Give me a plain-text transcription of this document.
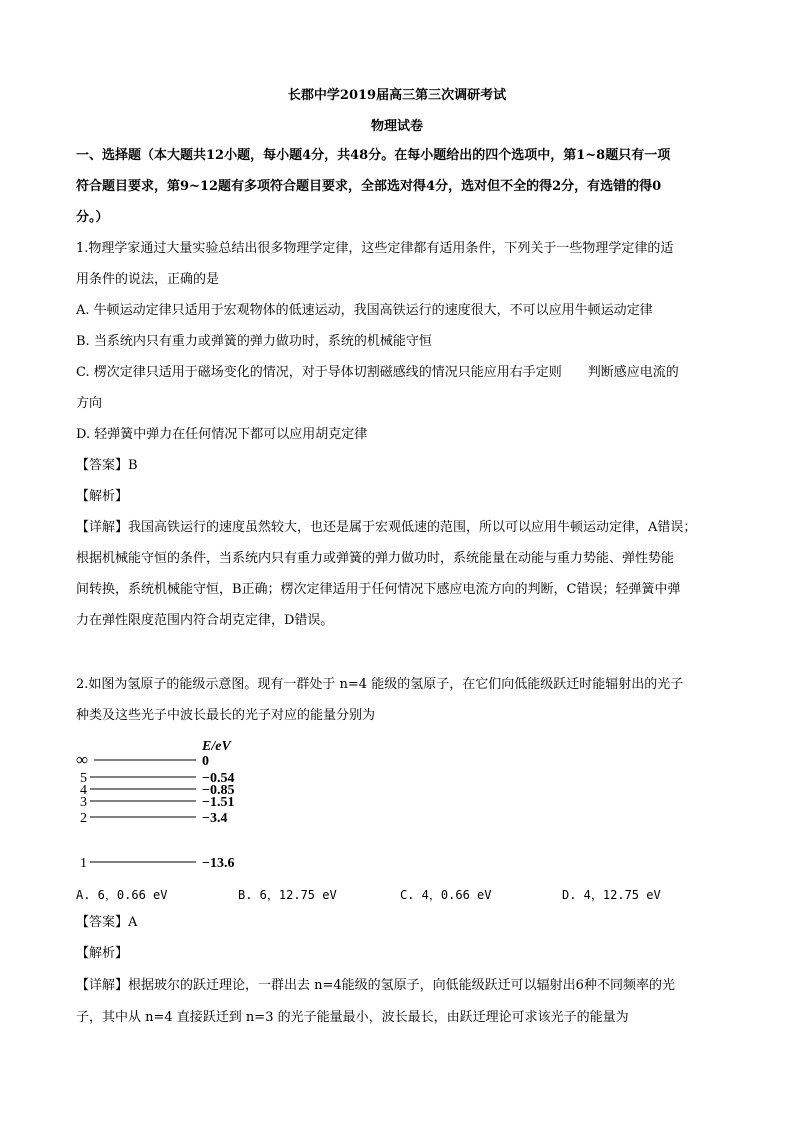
长郡中学2019届高三第三次调研考试
物理试卷
一、选择题（本大题共12小题，每小题4分，共48分。在每小题给出的四个选项中，第1~8题只有一项
符合题目要求，第9~12题有多项符合题目要求，全部选对得4分，选对但不全的得2分，有选错的得0
分。）
1.物理学家通过大量实验总结出很多物理学定律，这些定律都有适用条件，下列关于一些物理学定律的适
用条件的说法，正确的是
A. 牛顿运动定律只适用于宏观物体的低速运动，我国高铁运行的速度很大，不可以应用牛顿运动定律
B. 当系统内只有重力或弹簧的弹力做功时，系统的机械能守恒
C. 楞次定律只适用于磁场变化的情况，对于导体切割磁感线的情况只能应用右手定则　　判断感应电流的
方向
D. 轻弹簧中弹力在任何情况下都可以应用胡克定律
【答案】B
【解析】
【详解】我国高铁运行的速度虽然较大，也还是属于宏观低速的范围，所以可以应用牛顿运动定律，A错误；
根据机械能守恒的条件，当系统内只有重力或弹簧的弹力做功时，系统能量在动能与重力势能、弹性势能
间转换，系统机械能守恒，B正确；楞次定律适用于任何情况下感应电流方向的判断，C错误；轻弹簧中弹
力在弹性限度范围内符合胡克定律，D错误。
2.如图为氢原子的能级示意图。现有一群处于 n=4 能级的氢原子，在它们向低能级跃迁时能辐射出的光子
种类及这些光子中波长最长的光子对应的能量分别为
E/eV
∞	0
5	−0.54
4	−0.85
3	−1.51
2	−3.4
1	−13.6
A. 6，0.66 eV	B. 6，12.75 eV	C. 4，0.66 eV	D. 4，12.75 eV
【答案】A
【解析】
【详解】根据玻尔的跃迁理论，一群出去 n=4能级的氢原子，向低能级跃迁可以辐射出6种不同频率的光
子，其中从 n=4 直接跃迁到 n=3 的光子能量最小，波长最长，由跃迁理论可求该光子的能量为
